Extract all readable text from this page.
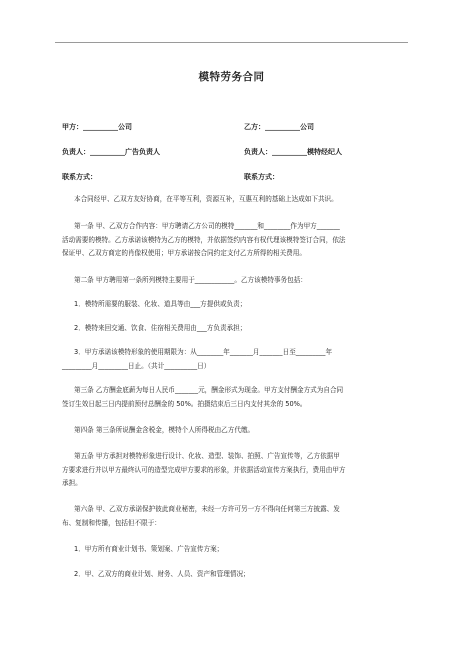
模特劳务合同
甲方：__________公司	乙方：__________公司
负责人：__________广告负责人	负责人：__________模特经纪人
联系方式：	联系方式：
本合同经甲、乙双方友好协商，在平等互利，资源互补，互惠互利的基础上达成如下共识。
第一条 甲、乙双方合作内容：甲方聘请乙方公司的模特_______和________作为甲方_______
活动需要的模特。乙方承诺该模特为乙方的模特，并依据签约内容有权代理该模特签订合同，依法
保证甲、乙双方商定的肖像权使用；甲方承诺按合同约定支付乙方所得的相关费用。
第二条 甲方聘用第一条所列模特主要用于____________。乙方该模特事务包括：
1．模特所需要的服装、化妆、道具等由___方提供或负责；
2．模特来回交通、饮食、住宿相关费用由___方负责承担；
3．甲方承诺该模特形象的使用期限为：从________年_______月_______日至_________年
_________月_________日止。（共计__________日）
第三条 乙方酬金底薪为每日人民币_______元，酬金形式为现金。甲方支付酬金方式为自合同
签订生效日起三日内提前预付总酬金的 50%。拍摄结束后三日内支付其余的 50%。
第四条 第三条所说酬金含税金，模特个人所得税由乙方代缴。
第五条 甲方承担对模特形象进行设计、化妆、造型、装饰、拍照、广告宣传等，乙方依据甲
方要求进行并以甲方最终认可的造型完成甲方要求的形象，并依据活动宣传方案执行，费用由甲方
承担。
第六条 甲、乙双方承诺保护彼此商业秘密，未经一方许可另一方不得向任何第三方披露、发
布、复制和传播，包括但不限于：
1．甲方所有商业计划书、策划案、广告宣传方案；
2．甲、乙双方的商业计划、财务、人员、资产和管理情况；
